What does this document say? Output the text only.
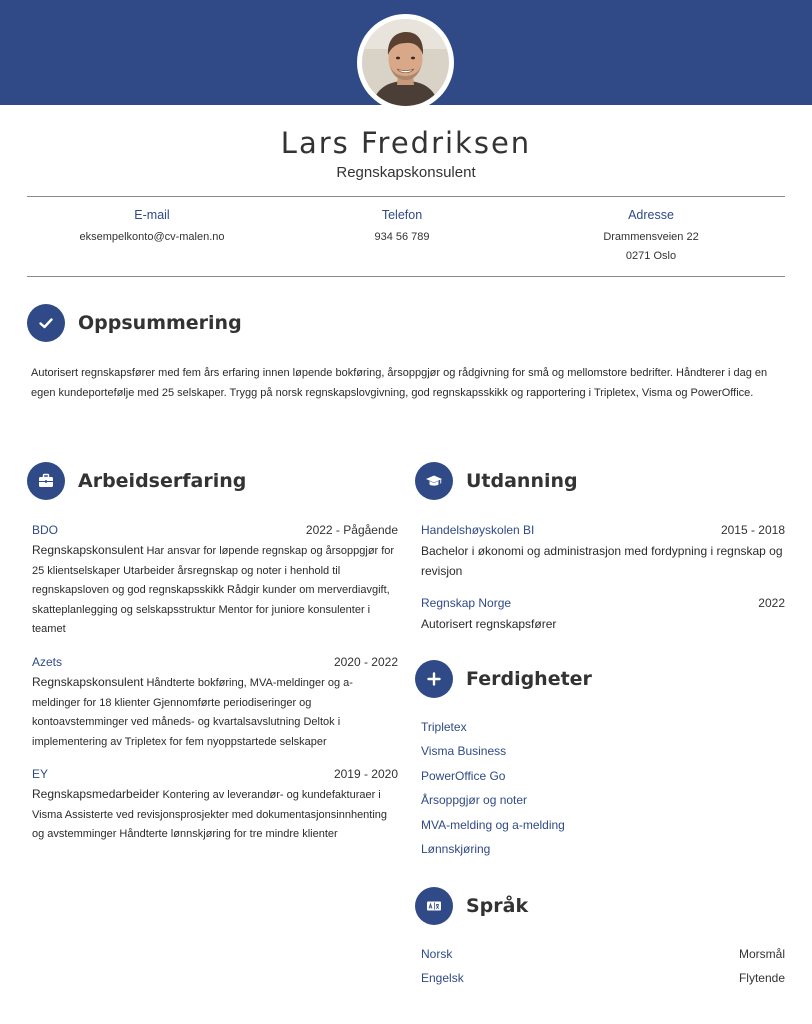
Lars Fredriksen
Regnskapskonsulent
E-mail
eksempelkonto@cv-malen.no
Telefon
934 56 789
Adresse
Drammensveien 22
0271 Oslo
Oppsummering
Autorisert regnskapsfører med fem års erfaring innen løpende bokføring, årsoppgjør og rådgivning for små og mellomstore bedrifter. Håndterer i dag en egen kundeportefølje med 25 selskaper. Trygg på norsk regnskapslovgivning, god regnskapsskikk og rapportering i Tripletex, Visma og PowerOffice.
Arbeidserfaring
BDO	2022 - Pågående
Regnskapskonsulent Har ansvar for løpende regnskap og årsoppgjør for 25 klientselskaper Utarbeider årsregnskap og noter i henhold til regnskapsloven og god regnskapsskikk Rådgir kunder om merverdiavgift, skatteplanlegging og selskapsstruktur Mentor for juniore konsulenter i teamet
Azets	2020 - 2022
Regnskapskonsulent Håndterte bokføring, MVA-meldinger og a-meldinger for 18 klienter Gjennomførte periodiseringer og kontoavstemminger ved måneds- og kvartalsavslutning Deltok i implementering av Tripletex for fem nyoppstartede selskaper
EY	2019 - 2020
Regnskapsmedarbeider Kontering av leverandør- og kundefakturaer i Visma Assisterte ved revisjonsprosjekter med dokumentasjonsinnhenting og avstemminger Håndterte lønnskjøring for tre mindre klienter
Utdanning
Handelshøyskolen BI	2015 - 2018
Bachelor i økonomi og administrasjon med fordypning i regnskap og revisjon
Regnskap Norge	2022
Autorisert regnskapsfører
Ferdigheter
Tripletex
Visma Business
PowerOffice Go
Årsoppgjør og noter
MVA-melding og a-melding
Lønnskjøring
Språk
Norsk	Morsmål
Engelsk	Flytende
